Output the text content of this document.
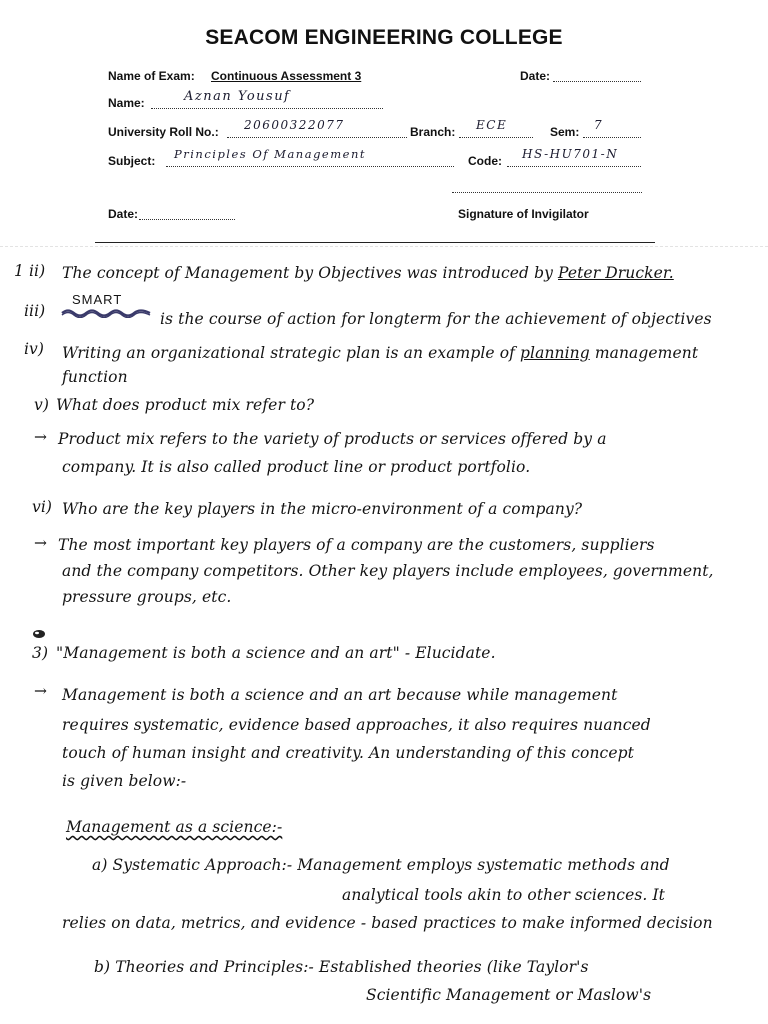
SEACOM ENGINEERING COLLEGE
Name of Exam: Continuous Assessment 3	Date:
Name:	Aznan Yousuf
University Roll No.: 20600322077	Branch: ECE	Sem: 7
Subject: Principles Of Management	Code: HS-HU701-N
Date:	Signature of Invigilator
1 ii) The concept of Management by Objectives was introduced by Peter Drucker.
iii)
SMART
is the course of action for longterm for the achievement of objectives
iv) Writing an organizational strategic plan is an example of planning management
function
v) What does product mix refer to?
→ Product mix refers to the variety of products or services offered by a
company. It is also called product line or product portfolio.
vi) Who are the key players in the micro-environment of a company?
→ The most important key players of a company are the customers, suppliers
and the company competitors. Other key players include employees, government,
pressure groups, etc.
3) "Management is both a science and an art" - Elucidate.
→ Management is both a science and an art because while management
requires systematic, evidence based approaches, it also requires nuanced
touch of human insight and creativity. An understanding of this concept
is given below:-
Management as a science:-
a) Systematic Approach:- Management employs systematic methods and
analytical tools akin to other sciences. It
relies on data, metrics, and evidence - based practices to make informed decision
b) Theories and Principles:- Established theories (like Taylor's
Scientific Management or Maslow's
